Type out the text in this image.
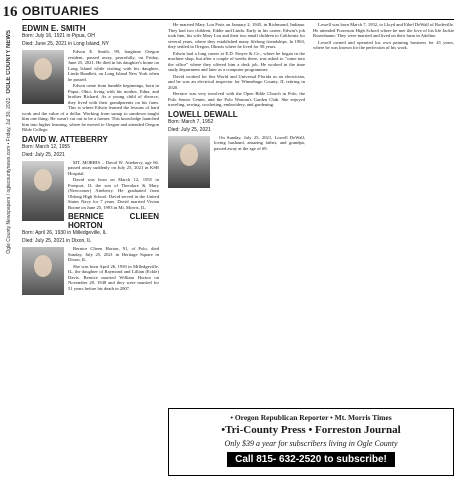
16
Ogle County Newspapers / oglecountynews.com • Friday, Jul 30, 2021   OGLE COUNTY NEWS
OBITUARIES
EDWIN E. SMITH
Born: July 16, 1921 in Pipua, OH
Died: June 25, 2021 in Long Island, NY

Edwin E. Smith, 99, longtime Oregon resident, passed away, peacefully, on Friday, June 25, 2021. He died in his daughter's home on Long Island while visiting with his daughter, Linda Rundlett, on Long Island New York when he passed.

Edwin came from humble beginnings, born in Piqua, Ohio, living with his mother, Edna, and brother Richard. As a young child of divorce, they lived with their grandparents on his farm. This is where Edwin learned the lessons of hard work and the value of a dollar. Working from sunup to sundown taught him one thing: He wasn't cut out to be a farmer. This knowledge launched him into higher learning, where he moved to Oregon and attended Oregon Bible College.

DAVID W. ATTEBERRY
Born: March 12, 1955
Died: July 25, 2021

MT. MORRIS – David W. Atteberry, age 66, passed away suddenly on July 25, 2021 in KSB Hospital.

David was born on March 12, 1955 in Freeport, IL the son of Theodore & Mary (Newcomer) Atteberry. He graduated from Oblong High School. David served in the United States Navy for 7 years. David married Vivian Boone on June 25, 1993 in Mt. Morris, IL.

BERNICE CLIEEN HORTON
Born: April 26, 1930 in Milledgeville, IL
Died: July 25, 2021 in Dixon, IL

Bernice Clieen Horton, 91, of Polo, died Sunday, July 25, 2021 in Heritage Square in Dixon, IL.

She was born April 26, 1930 in Milledgeville, IL, the daughter of Raymond and Lillian (Eckle) Davis. Bernice married William Horton on November 28, 1948 and they were married for 51 years before his death in 2007.

He married Mary Lou Potts on January 2, 1945, in Richmond, Indiana. They had two children, Eddie and Linda. Early in his career, Edwin's job took him, his wife Mary Lou and their two small children to California for several years, where they established many lifelong friendships. In 1963, they settled in Oregon, Illinois where he lived for 58 years.

Edwin had a long career at E.D. Etnyre & Co., where he began in the machine shop, but after a couple of weeks there, was asked to "come into the office" where they offered him a desk job. He worked in the time study department and later as a computer programmer.

David worked for Sea World and Universal Florida as an electrician, and he was an electrical inspector for Winnebago County, IL retiring in 2020.

Bernice was very involved with the Open Bible Church in Polo, the Polo Senior Center, and the Polo Woman's Garden Club. She enjoyed traveling, sewing, crocheting, embroidery, and gardening.

LOWELL DEWALL
Born: March 7, 1952
Died: July 25, 2021

On Sunday, July 25, 2021, Lowell DeWall, loving husband, amazing father, and grandpa, passed away at the age of 69.

Lowell was born March 7, 1952, to Lloyd and Ethel DeWall of Rodeville. He attended Forreston High School where he met the love of his life Jackie Rosenhaum. They were married and lived on their farm in Adeline.

Lowell owned and operated his own painting business for 45 years, where he was known for the perfection of his work.

• Oregon Republican Reporter • Mt. Morris Times
•Tri-County Press • Forreston Journal
Only $39 a year for subscribers living in Ogle County
Call 815- 632-2520 to subscribe!
